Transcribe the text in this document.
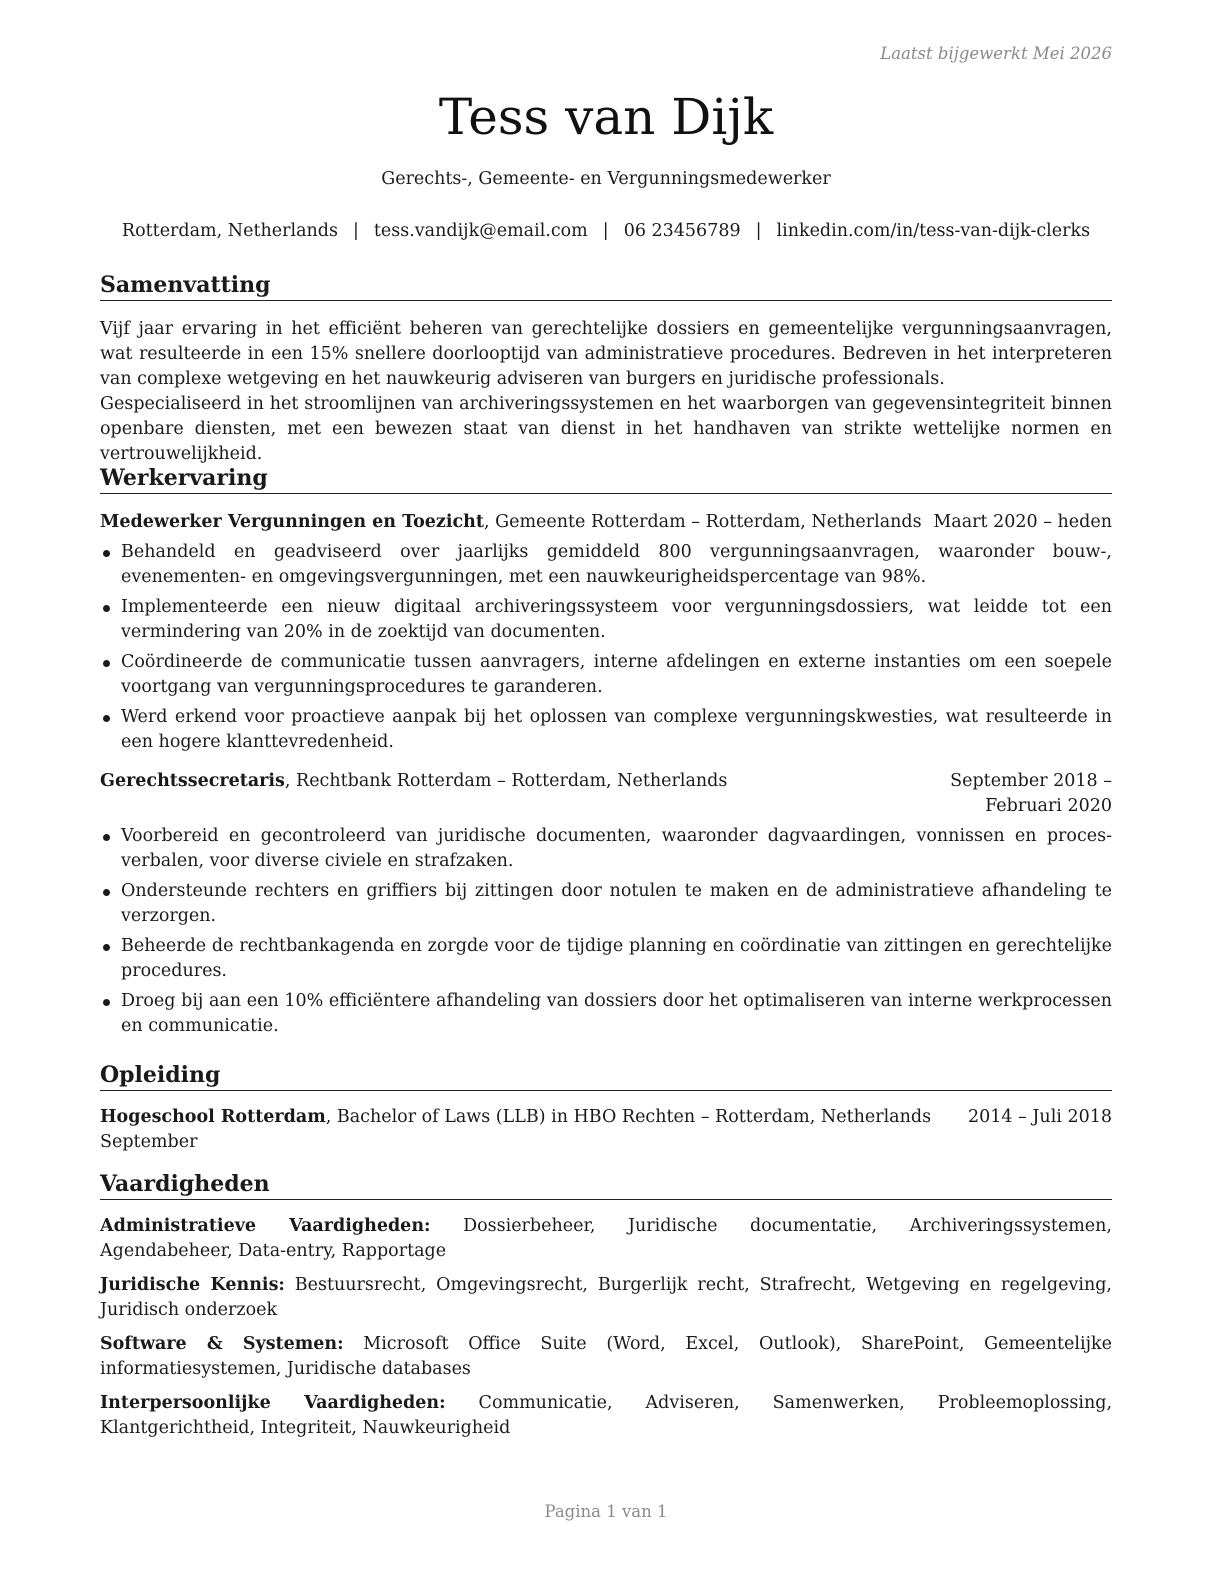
Laatst bijgewerkt Mei 2026
Tess van Dijk
Gerechts-, Gemeente- en Vergunningsmedewerker
Rotterdam, Netherlands | tess.vandijk@email.com | 06 23456789 | linkedin.com/in/tess-van-dijk-clerks
Samenvatting

Vijf jaar ervaring in het efficiënt beheren van gerechtelijke dossiers en gemeentelijke vergunningsaanvragen, wat resulteerde in een 15% snellere doorlooptijd van administratieve procedures. Bedreven in het interpreteren van complexe wetgeving en het nauwkeurig adviseren van burgers en juridische professionals.

Gespecialiseerd in het stroomlijnen van archiveringssystemen en het waarborgen van gegevensintegriteit binnen openbare diensten, met een bewezen staat van dienst in het handhaven van strikte wettelijke normen en vertrouwelijkheid.

Werkervaring
Medewerker Vergunningen en Toezicht, Gemeente Rotterdam – Rotterdam, Netherlands Maart 2020 – heden
Behandeld en geadviseerd over jaarlijks gemiddeld 800 vergunningsaanvragen, waaronder bouw-, evenementen- en omgevingsvergunningen, met een nauwkeurigheidspercentage van 98%.
Implementeerde een nieuw digitaal archiveringssysteem voor vergunningsdossiers, wat leidde tot een vermindering van 20% in de zoektijd van documenten.
Coördineerde de communicatie tussen aanvragers, interne afdelingen en externe instanties om een soepele voortgang van vergunningsprocedures te garanderen.
Werd erkend voor proactieve aanpak bij het oplossen van complexe vergunningskwesties, wat resulteerde in een hogere klanttevredenheid.
Gerechtssecretaris, Rechtbank Rotterdam – Rotterdam, Netherlands	September 2018 – Februari 2020
Voorbereid en gecontroleerd van juridische documenten, waaronder dagvaardingen, vonnissen en proces-verbalen, voor diverse civiele en strafzaken.
Ondersteunde rechters en griffiers bij zittingen door notulen te maken en de administratieve afhandeling te verzorgen.
Beheerde de rechtbankagenda en zorgde voor de tijdige planning en coördinatie van zittingen en gerechtelijke procedures.
Droeg bij aan een 10% efficiëntere afhandeling van dossiers door het optimaliseren van interne werkprocessen en communicatie.
Opleiding
Hogeschool Rotterdam, Bachelor of Laws (LLB) in HBO Rechten – Rotterdam, Netherlands September
2014 – Juli 2018
Vaardigheden

Administratieve Vaardigheden: Dossierbeheer, Juridische documentatie, Archiveringssystemen, Agendabeheer, Data-entry, Rapportage

Juridische Kennis: Bestuursrecht, Omgevingsrecht, Burgerlijk recht, Strafrecht, Wetgeving en regelgeving, Juridisch onderzoek

Software & Systemen: Microsoft Office Suite (Word, Excel, Outlook), SharePoint, Gemeentelijke informatiesystemen, Juridische databases

Interpersoonlijke Vaardigheden: Communicatie, Adviseren, Samenwerken, Probleemoplossing, Klantgerichtheid, Integriteit, Nauwkeurigheid

Pagina 1 van 1
